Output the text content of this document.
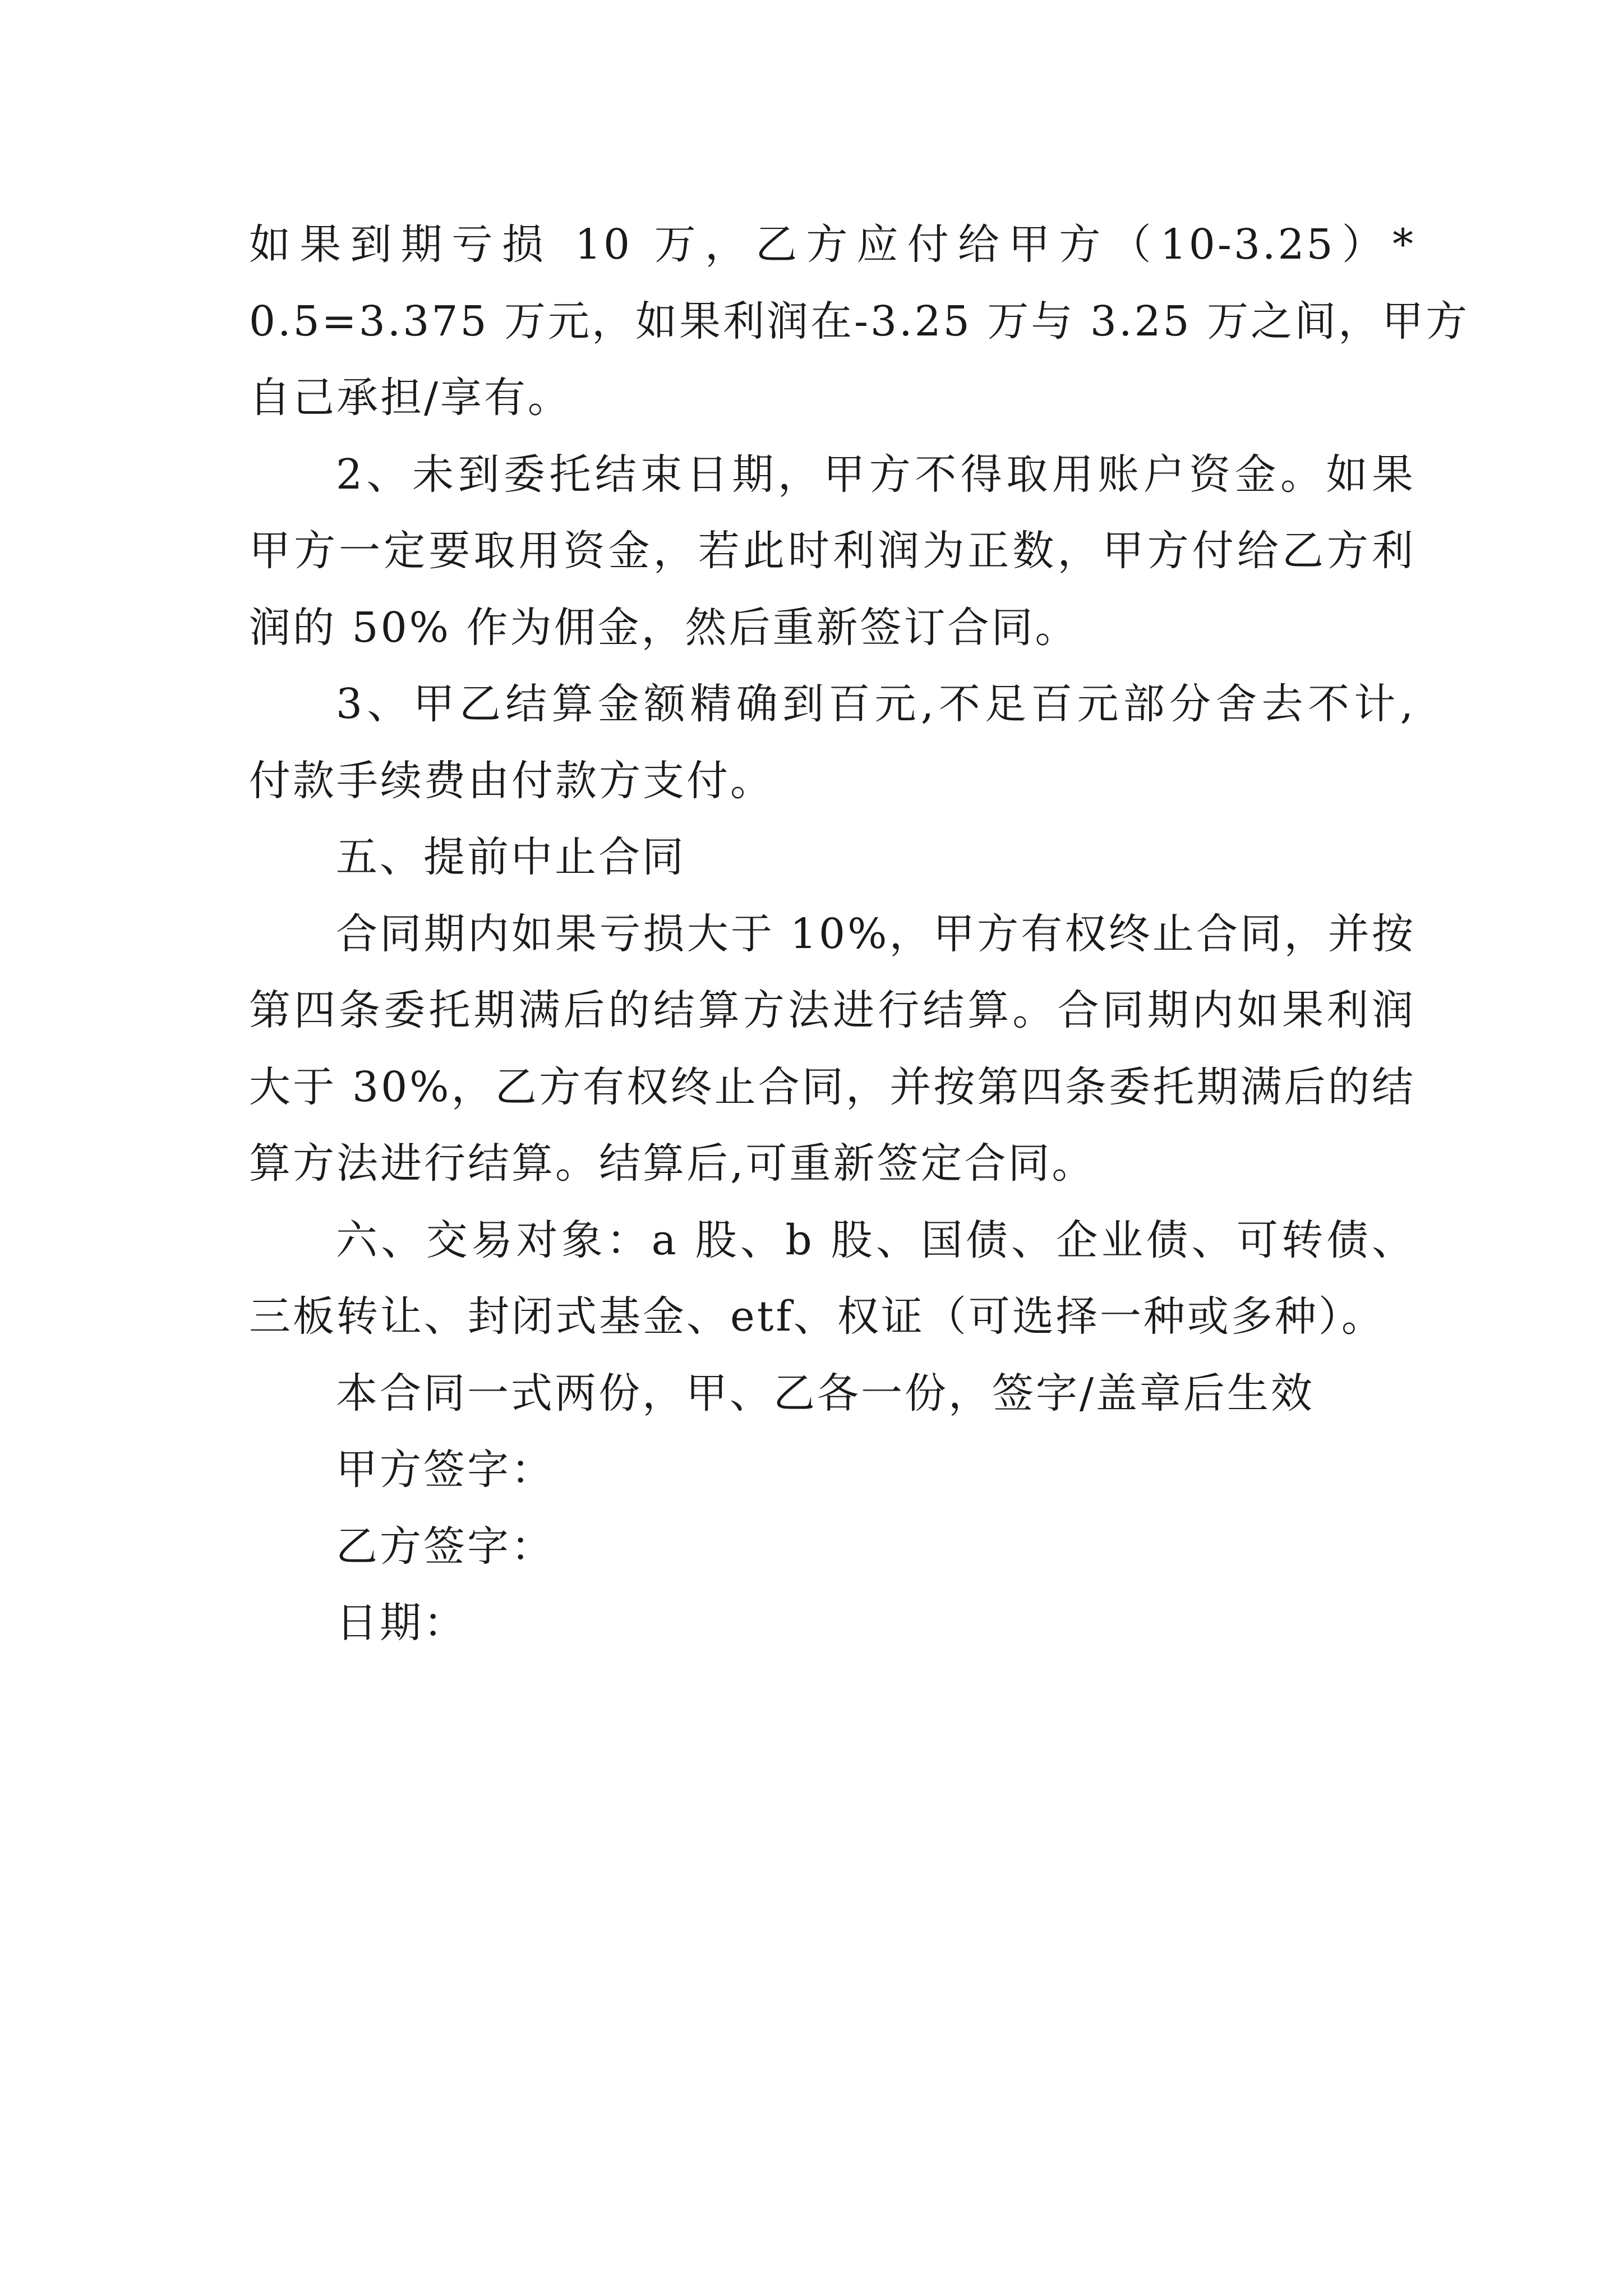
如果到期亏损 10 万，乙方应付给甲方（10-3.25）*
0.5=3.375 万元，如果利润在-3.25 万与 3.25 万之间，甲方
自己承担/享有。
2、未到委托结束日期，甲方不得取用账户资金。如果
甲方一定要取用资金，若此时利润为正数，甲方付给乙方利
润的 50% 作为佣金，然后重新签订合同。
3、甲乙结算金额精确到百元,不足百元部分舍去不计,
付款手续费由付款方支付。
五、提前中止合同
合同期内如果亏损大于 10%，甲方有权终止合同，并按
第四条委托期满后的结算方法进行结算。合同期内如果利润
大于 30%，乙方有权终止合同，并按第四条委托期满后的结
算方法进行结算。结算后,可重新签定合同。
六、交易对象：a 股、b 股、国债、企业债、可转债、
三板转让、封闭式基金、etf、权证（可选择一种或多种）。
本合同一式两份，甲、乙各一份，签字/盖章后生效
甲方签字：
乙方签字：
日期：
